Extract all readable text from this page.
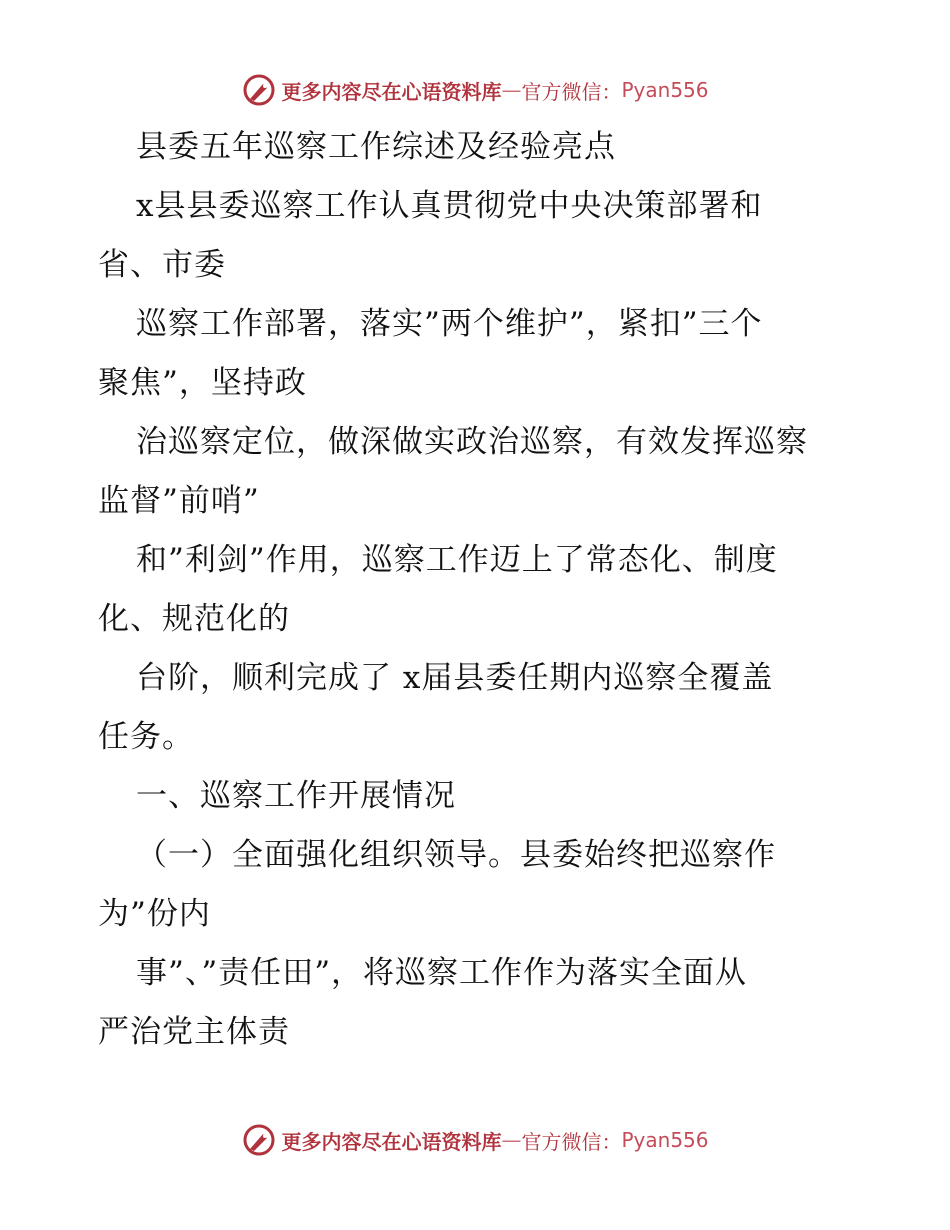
更多内容尽在心语资料库 — 官方微信： Pyan556
县委五年巡察工作综述及经验亮点
x县县委巡察工作认真贯彻党中央决策部署和
省、市委
巡察工作部署，落实”两个维护”，紧扣”三个
聚焦”，坚持政
治巡察定位，做深做实政治巡察，有效发挥巡察
监督”前哨”
和”利剑”作用，巡察工作迈上了常态化、制度
化、规范化的
台阶，顺利完成了 x届县委任期内巡察全覆盖
任务。
一、巡察工作开展情况
（一）全面强化组织领导。县委始终把巡察作
为”份内
事”、”责任田”，将巡察工作作为落实全面从
严治党主体责
更多内容尽在心语资料库 — 官方微信： Pyan556
